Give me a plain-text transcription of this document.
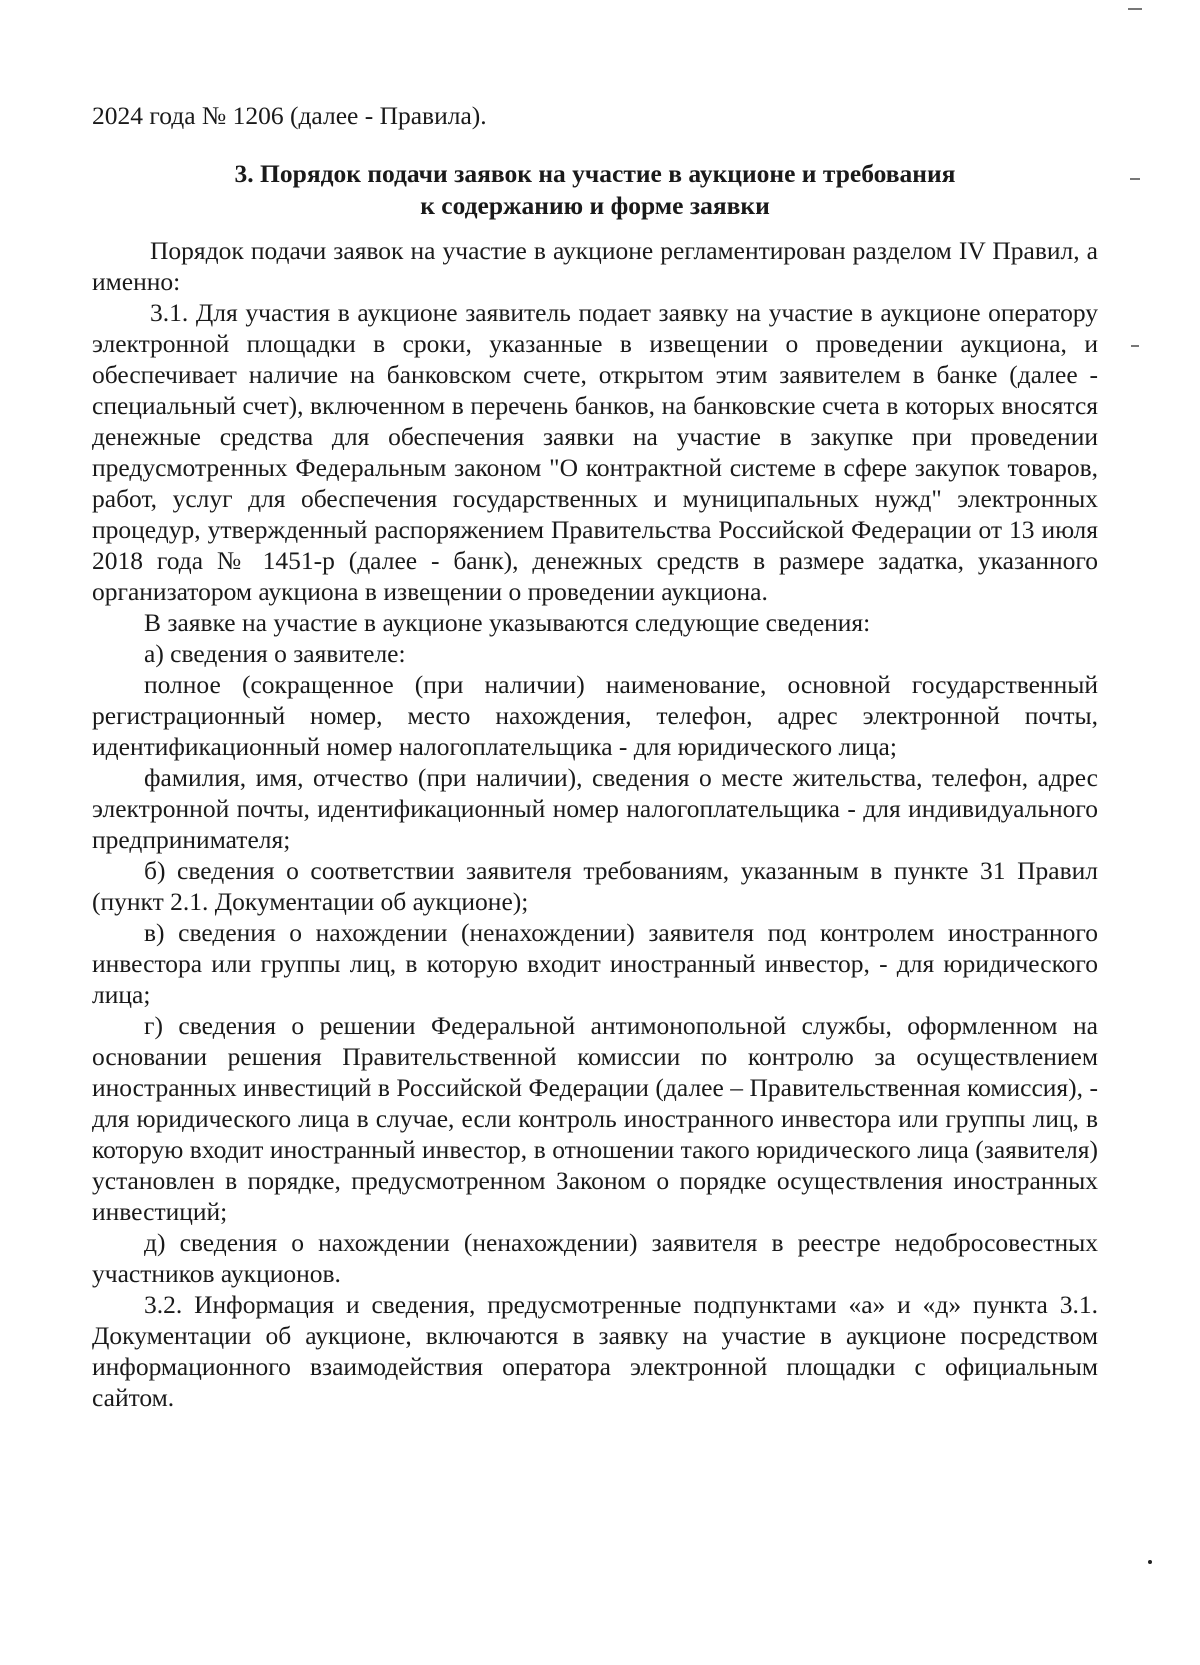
2024 года № 1206 (далее - Правила).

3. Порядок подачи заявок на участие в аукционе и требования
к содержанию и форме заявки

Порядок подачи заявок на участие в аукционе регламентирован разделом IV Правил, а именно:

3.1. Для участия в аукционе заявитель подает заявку на участие в аукционе оператору электронной площадки в сроки, указанные в извещении о проведении аукциона, и обеспечивает наличие на банковском счете, открытом этим заявителем в банке (далее - специальный счет), включенном в перечень банков, на банковские счета в которых вносятся денежные средства для обеспечения заявки на участие в закупке при проведении предусмотренных Федеральным законом "О контрактной системе в сфере закупок товаров, работ, услуг для обеспечения государственных и муниципальных нужд" электронных процедур, утвержденный распоряжением Правительства Российской Федерации от 13 июля 2018 года № 1451-р (далее - банк), денежных средств в размере задатка, указанного организатором аукциона в извещении о проведении аукциона.

В заявке на участие в аукционе указываются следующие сведения:

а) сведения о заявителе:

полное (сокращенное (при наличии) наименование, основной государственный регистрационный номер, место нахождения, телефон, адрес электронной почты, идентификационный номер налогоплательщика - для юридического лица;

фамилия, имя, отчество (при наличии), сведения о месте жительства, телефон, адрес электронной почты, идентификационный номер налогоплательщика - для индивидуального предпринимателя;

б) сведения о соответствии заявителя требованиям, указанным в пункте 31 Правил (пункт 2.1. Документации об аукционе);

в) сведения о нахождении (ненахождении) заявителя под контролем иностранного инвестора или группы лиц, в которую входит иностранный инвестор, - для юридического лица;

г) сведения о решении Федеральной антимонопольной службы, оформленном на основании решения Правительственной комиссии по контролю за осуществлением иностранных инвестиций в Российской Федерации (далее – Правительственная комиссия), - для юридического лица в случае, если контроль иностранного инвестора или группы лиц, в которую входит иностранный инвестор, в отношении такого юридического лица (заявителя) установлен в порядке, предусмотренном Законом о порядке осуществления иностранных инвестиций;

д) сведения о нахождении (ненахождении) заявителя в реестре недобросовестных участников аукционов.

3.2. Информация и сведения, предусмотренные подпунктами «а» и «д» пункта 3.1. Документации об аукционе, включаются в заявку на участие в аукционе посредством информационного взаимодействия оператора электронной площадки с официальным сайтом.
